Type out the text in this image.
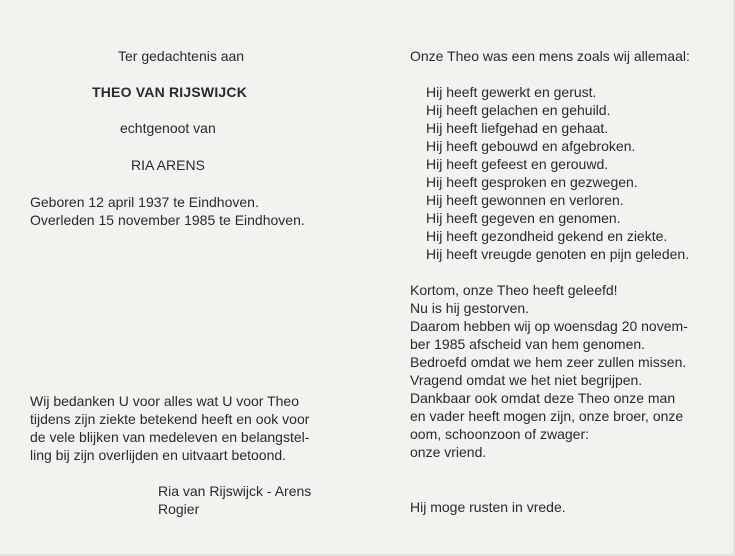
Ter gedachtenis aan
THEO VAN RIJSWIJCK
echtgenoot van
RIA ARENS
Geboren 12 april 1937 te Eindhoven.
Overleden 15 november 1985 te Eindhoven.
Wij bedanken U voor alles wat U voor Theo
tijdens zijn ziekte betekend heeft en ook voor
de vele blijken van medeleven en belangstel-
ling bij zijn overlijden en uitvaart betoond.
Ria van Rijswijck - Arens
Rogier
Onze Theo was een mens zoals wij allemaal:
Hij heeft gewerkt en gerust.
Hij heeft gelachen en gehuild.
Hij heeft liefgehad en gehaat.
Hij heeft gebouwd en afgebroken.
Hij heeft gefeest en gerouwd.
Hij heeft gesproken en gezwegen.
Hij heeft gewonnen en verloren.
Hij heeft gegeven en genomen.
Hij heeft gezondheid gekend en ziekte.
Hij heeft vreugde genoten en pijn geleden.
Kortom, onze Theo heeft geleefd!
Nu is hij gestorven.
Daarom hebben wij op woensdag 20 novem-
ber 1985 afscheid van hem genomen.
Bedroefd omdat we hem zeer zullen missen.
Vragend omdat we het niet begrijpen.
Dankbaar ook omdat deze Theo onze man
en vader heeft mogen zijn, onze broer, onze
oom, schoonzoon of zwager:
onze vriend.
Hij moge rusten in vrede.
